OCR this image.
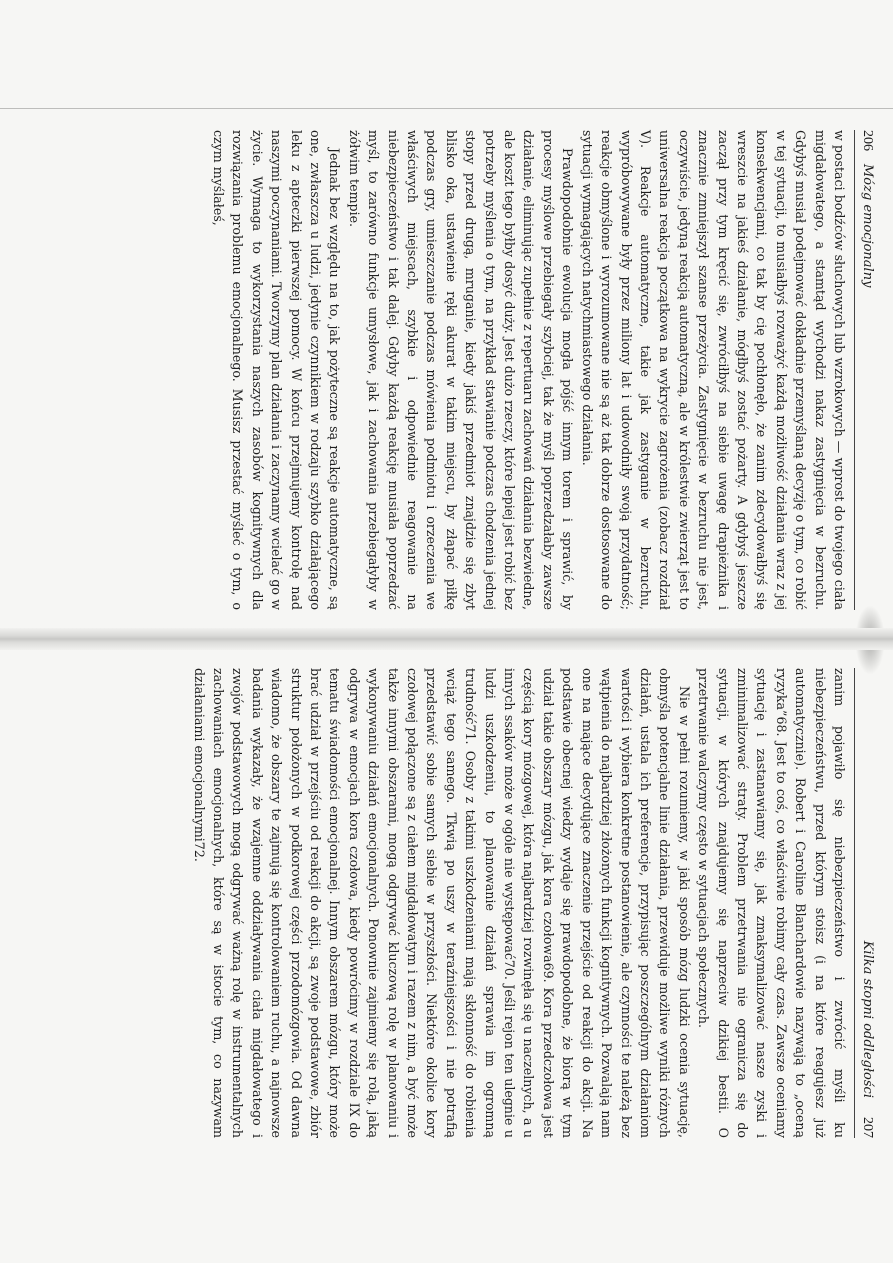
206
Mózg emocjonalny

w postaci bodźców słuchowych lub wzrokowych — wprost do twojego ciała migdałowatego, a stamtąd wychodzi nakaz zastygnięcia w bezruchu. Gdybyś musiał podejmować dokładnie przemyślaną decyzję o tym, co robić w tej sytuacji, to musiałbyś rozważyć każdą możliwość działania wraz z jej konsekwencjami, co tak by cię pochłonęło, że zanim zdecydowałbyś się wreszcie na jakieś działanie, mógłbyś zostać pożarty. A gdybyś jeszcze zaczął przy tym kręcić się, zwróciłbyś na siebie uwagę drapieżnika i znacznie zmniejszył szanse przeżycia. Zastygnięcie w bezruchu nie jest, oczywiście, jedyną reakcją automatyczną, ale w królestwie zwierząt jest to uniwersalna reakcja początkowa na wykrycie zagrożenia (zobacz rozdział V). Reakcje automatyczne, takie jak zastyganie w bezruchu, wypróbowywane były przez miliony lat i udowodniły swoją przydatność; reakcje obmyślone i wyrozumowane nie są aż tak dobrze dostosowane do sytuacji wymagających natychmiastowego działania.

Prawdopodobnie ewolucja mogła pójść innym torem i sprawić, by procesy myślowe przebiegały szybciej, tak że myśl poprzedzałaby zawsze działanie, eliminując zupełnie z repertuaru zachowań działania bezwiedne, ale koszt tego byłby dosyć duży. Jest dużo rzeczy, które lepiej jest robić bez potrzeby myślenia o tym, na przykład stawianie podczas chodzenia jednej stopy przed drugą, mruganie, kiedy jakiś przedmiot znajdzie się zbyt blisko oka, ustawienie ręki akurat w takim miejscu, by złapać piłkę podczas gry, umieszczanie podczas mówienia podmiotu i orzeczenia we właściwych miejscach, szybkie i odpowiednie reagowanie na niebezpieczeństwo i tak dalej. Gdyby każdą reakcję musiała poprzedzać myśl, to zarówno funkcje umysłowe, jak i zachowania przebiegałyby w żółwim tempie.

Jednak bez względu na to, jak pożyteczne są reakcje automatyczne, są one, zwłaszcza u ludzi, jedynie czynnikiem w rodzaju szybko działającego leku z apteczki pierwszej pomocy. W końcu przejmujemy kontrolę nad naszymi poczynaniami. Tworzymy plan działania i zaczynamy wcielać go w życie. Wymaga to wykorzystania naszych zasobów kognitywnych dla rozwiązania problemu emocjonalnego. Musisz przestać myśleć o tym, o czym myślałeś,

Kilka stopni oddległości
207

zanim pojawiło się niebezpieczeństwo i zwrócić myśli ku niebezpieczeństwu, przed którym stoisz (i na które reagujesz już automatycznie). Robert i Caroline Blanchardowie nazywają to „oceną ryzyka”68. Jest to coś, co właściwie robimy cały czas. Zawsze oceniamy sytuację i zastanawiamy się, jak zmaksymalizować nasze zyski i zminimalizować straty. Problem przetrwania nie ogranicza się do sytuacji, w których znajdujemy się naprzeciw dzikiej bestii. O przetrwanie walczymy często w sytuacjach społecznych.

Nie w pełni rozumiemy, w jaki sposób mózg ludzki ocenia sytuację, obmyśla potencjalne linie działania, przewiduje możliwe wyniki różnych działań, ustala ich preferencje, przypisując poszczególnym działaniom wartości i wybiera konkretne postanowienie, ale czynności te należą bez wątpienia do najbardziej złożonych funkcji kognitywnych. Pozwalają nam one na mające decydujące znaczenie przejście od reakcji do akcji. Na podstawie obecnej wiedzy wydaje się prawdopodobne, że biorą w tym udział takie obszary mózgu, jak kora czołowa69. Kora przedczołowa jest częścią kory mózgowej, która najbardziej rozwinęła się u naczelnych, a u innych ssaków może w ogóle nie występować70. Jeśli rejon ten ulegnie u ludzi uszkodzeniu, to planowanie działań sprawia im ogromną trudność71. Osoby z takimi uszkodzeniami mają skłonność do robienia wciąż tego samego. Tkwią po uszy w teraźniejszości i nie potrafią przedstawić sobie samych siebie w przyszłości. Niektóre okolice kory czołowej połączone są z ciałem migdałowatym i razem z nim, a być może także innymi obszarami, mogą odgrywać kluczową rolę w planowaniu i wykonywaniu działań emocjonalnych. Ponownie zajmiemy się rolą, jaką odgrywa w emocjach kora czołowa, kiedy powrócimy w rozdziale IX do tematu świadomości emocjonalnej. Innym obszarem mózgu, który może brać udział w przejściu od reakcji do akcji, są zwoje podstawowe, zbiór struktur położonych w podkorowej części przodomózgowia. Od dawna wiadomo, że obszary te zajmują się kontrolowaniem ruchu, a najnowsze badania wykazały, że wzajemne oddziaływania ciała migdałowatego i zwojów podstawowych mogą odgrywać ważną rolę w instrumentalnych zachowaniach emocjonalnych, które są w istocie tym, co nazywam działaniami emocjonalnymi72.
